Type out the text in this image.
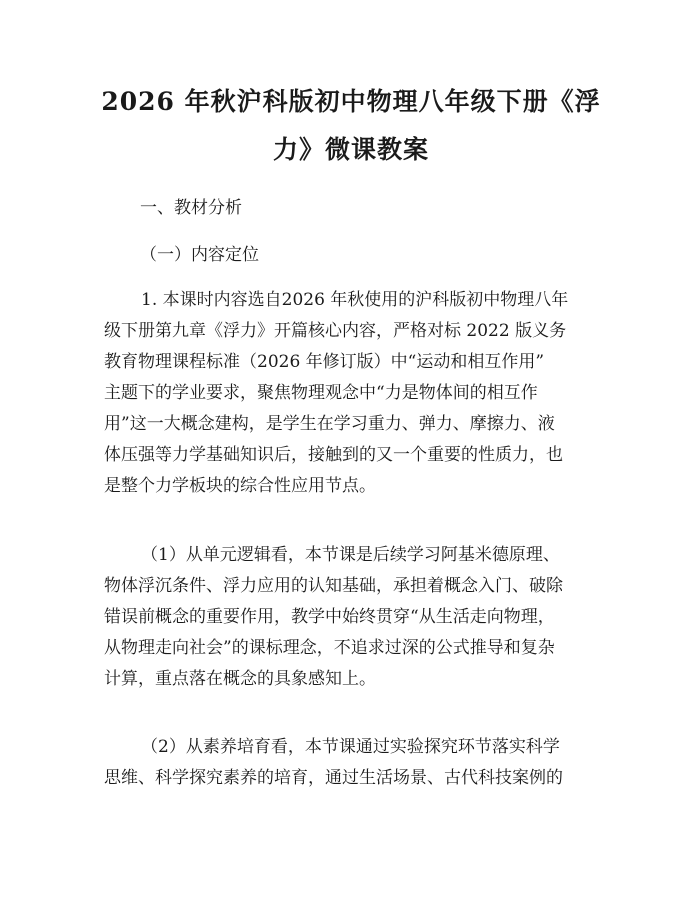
2026 年秋沪科版初中物理八年级下册《浮
力》微课教案
一、教材分析
（一）内容定位
1. 本课时内容选自2026 年秋使用的沪科版初中物理八年
级下册第九章《浮力》开篇核心内容，严格对标 2022 版义务
教育物理课程标准（2026 年修订版）中“运动和相互作用”
主题下的学业要求，聚焦物理观念中“力是物体间的相互作
用”这一大概念建构，是学生在学习重力、弹力、摩擦力、液
体压强等力学基础知识后，接触到的又一个重要的性质力，也
是整个力学板块的综合性应用节点。
（1）从单元逻辑看，本节课是后续学习阿基米德原理、
物体浮沉条件、浮力应用的认知基础，承担着概念入门、破除
错误前概念的重要作用，教学中始终贯穿“从生活走向物理，
从物理走向社会”的课标理念，不追求过深的公式推导和复杂
计算，重点落在概念的具象感知上。
（2）从素养培育看，本节课通过实验探究环节落实科学
思维、科学探究素养的培育，通过生活场景、古代科技案例的
